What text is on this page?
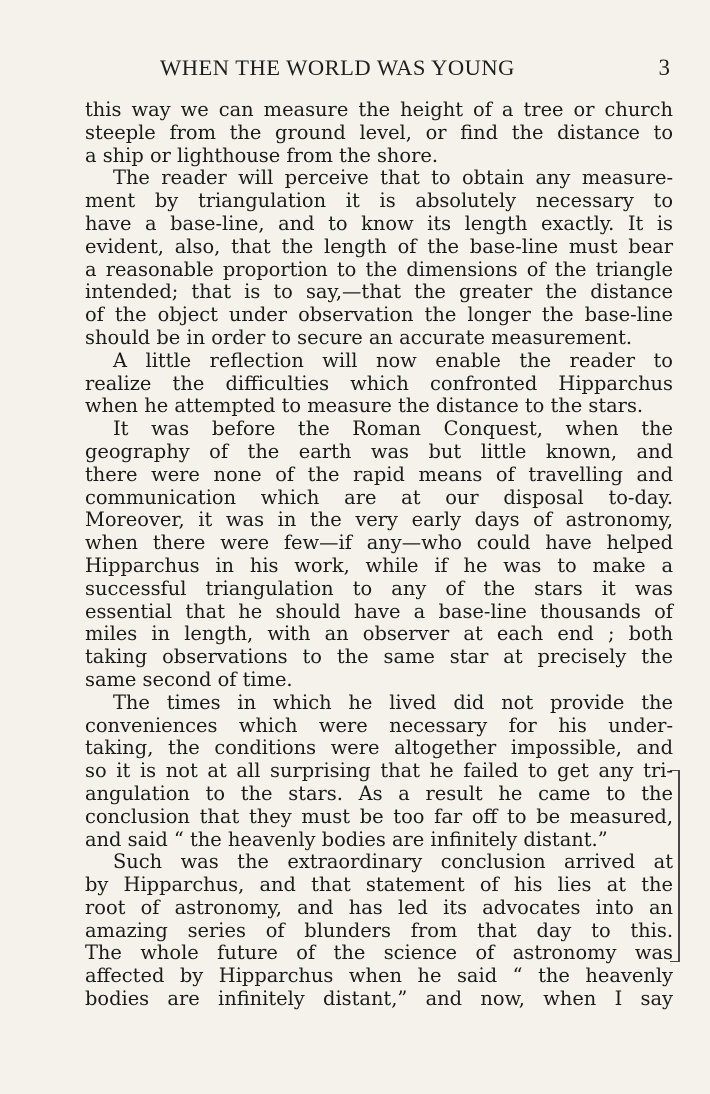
WHEN THE WORLD WAS YOUNG	3
this way we can measure the height of a tree or church
steeple from the ground level, or find the distance to
a ship or lighthouse from the shore.
The reader will perceive that to obtain any measure-
ment by triangulation it is absolutely necessary to
have a base-line, and to know its length exactly. It is
evident, also, that the length of the base-line must bear
a reasonable proportion to the dimensions of the triangle
intended; that is to say,—that the greater the distance
of the object under observation the longer the base-line
should be in order to secure an accurate measurement.
A little reflection will now enable the reader to
realize the difficulties which confronted Hipparchus
when he attempted to measure the distance to the stars.
It was before the Roman Conquest, when the
geography of the earth was but little known, and
there were none of the rapid means of travelling and
communication which are at our disposal to-day.
Moreover, it was in the very early days of astronomy,
when there were few—if any—who could have helped
Hipparchus in his work, while if he was to make a
successful triangulation to any of the stars it was
essential that he should have a base-line thousands of
miles in length, with an observer at each end ; both
taking observations to the same star at precisely the
same second of time.
The times in which he lived did not provide the
conveniences which were necessary for his under-
taking, the conditions were altogether impossible, and
so it is not at all surprising that he failed to get any tri-
angulation to the stars. As a result he came to the
conclusion that they must be too far off to be measured,
and said “ the heavenly bodies are infinitely distant.”
Such was the extraordinary conclusion arrived at
by Hipparchus, and that statement of his lies at the
root of astronomy, and has led its advocates into an
amazing series of blunders from that day to this.
The whole future of the science of astronomy was
affected by Hipparchus when he said “ the heavenly
bodies are infinitely distant,” and now, when I say
